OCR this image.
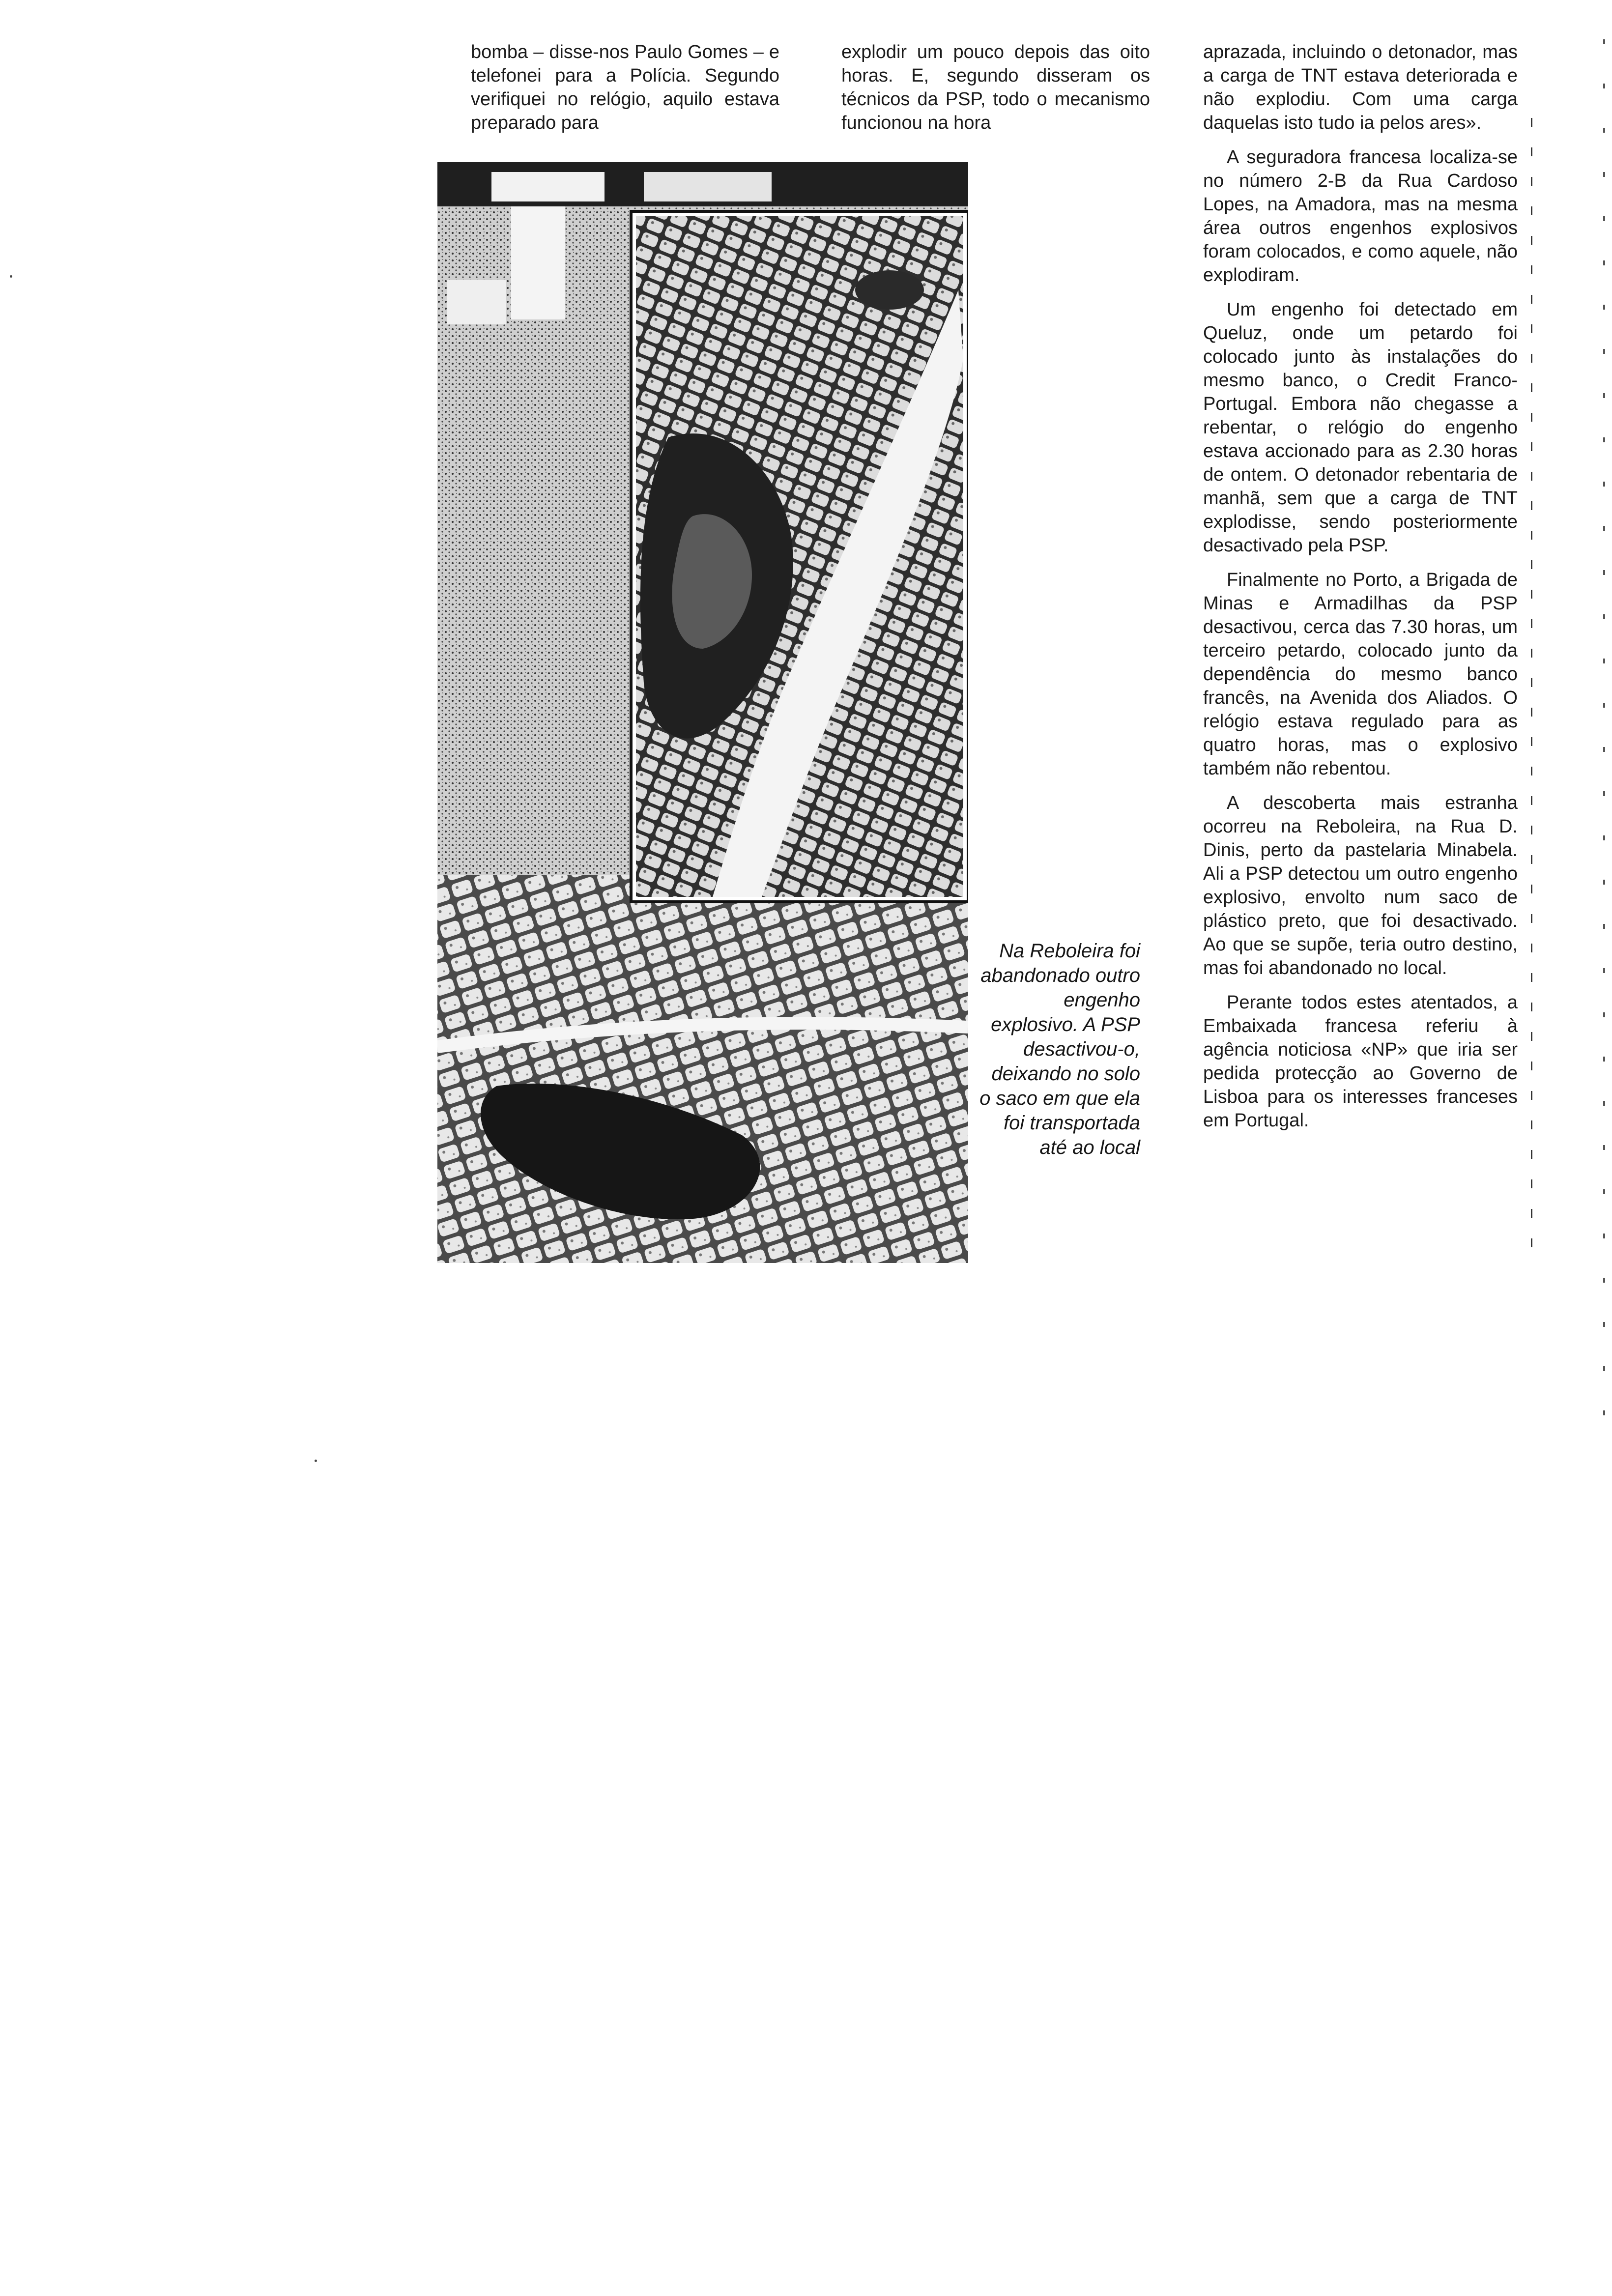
bomba – disse-nos Paulo Gomes – e telefonei para a Polícia. Segundo verifiquei no relógio, aquilo estava preparado para

explodir um pouco depois das oito horas. E, segundo disseram os técnicos da PSP, todo o mecanismo funcionou na hora

aprazada, incluindo o detonador, mas a carga de TNT estava deteriorada e não explodiu. Com uma carga daquelas isto tudo ia pelos ares».

A seguradora francesa localiza-se no número 2-B da Rua Cardoso Lopes, na Amadora, mas na mesma área outros engenhos explosivos foram colocados, e como aquele, não explodiram.

Um engenho foi detectado em Queluz, onde um petardo foi colocado junto às instalações do mesmo banco, o Credit Franco-Portugal. Embora não chegasse a rebentar, o relógio do engenho estava accionado para as 2.30 horas de ontem. O detonador rebentaria de manhã, sem que a carga de TNT explodisse, sendo posteriormente desactivado pela PSP.

Finalmente no Porto, a Brigada de Minas e Armadilhas da PSP desactivou, cerca das 7.30 horas, um terceiro petardo, colocado junto da dependência do mesmo banco francês, na Avenida dos Aliados. O relógio estava regulado para as quatro horas, mas o explosivo também não rebentou.

A descoberta mais estranha ocorreu na Reboleira, na Rua D. Dinis, perto da pastelaria Minabela. Ali a PSP detectou um outro engenho explosivo, envolto num saco de plástico preto, que foi desactivado. Ao que se supõe, teria outro destino, mas foi abandonado no local.

Perante todos estes atentados, a Embaixada francesa referiu à agência noticiosa «NP» que iria ser pedida protecção ao Governo de Lisboa para os interesses franceses em Portugal.

Na Reboleira foi abandonado outro engenho explosivo. A PSP desactivou-o, deixando no solo o saco em que ela foi transportada até ao local
